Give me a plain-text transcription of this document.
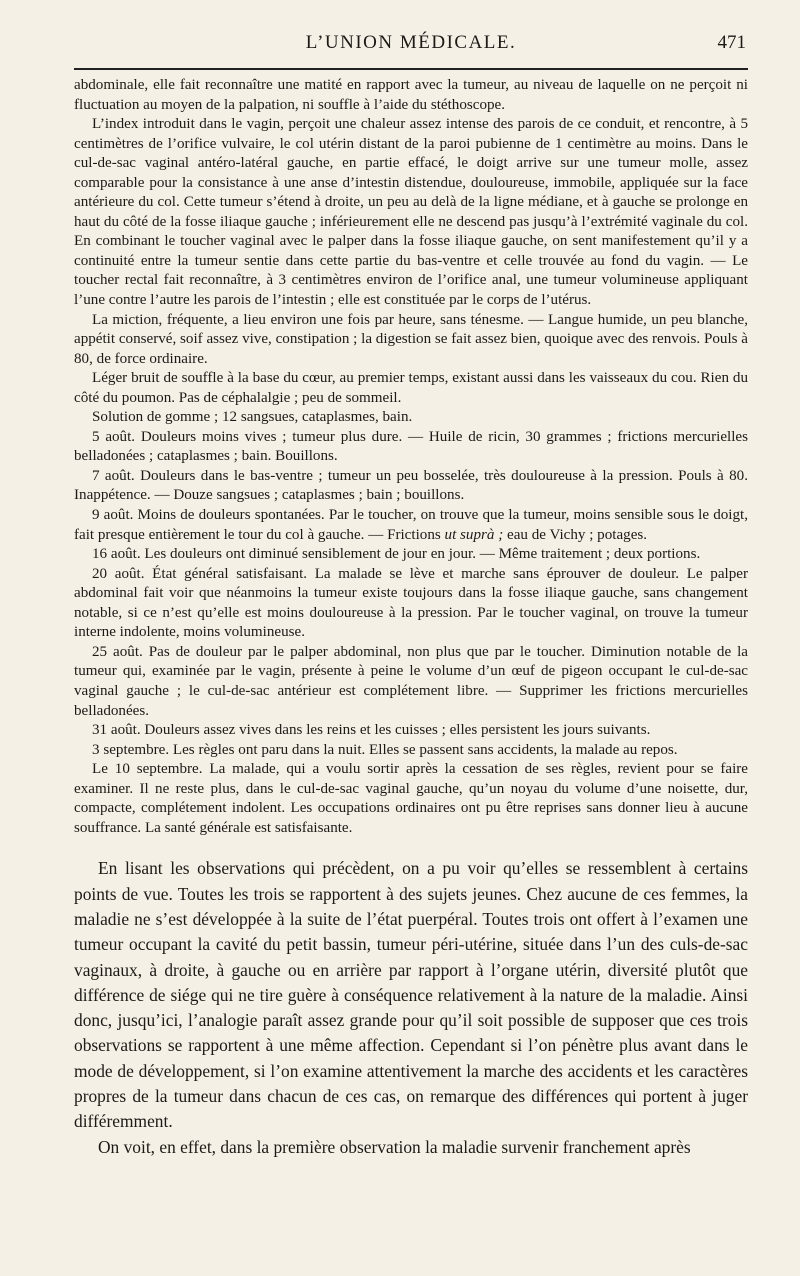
L’UNION MÉDICALE.	471

abdominale, elle fait reconnaître une matité en rapport avec la tumeur, au niveau de laquelle on ne perçoit ni fluctuation au moyen de la palpation, ni souffle à l’aide du stéthoscope.

L’index introduit dans le vagin, perçoit une chaleur assez intense des parois de ce conduit, et rencontre, à 5 centimètres de l’orifice vulvaire, le col utérin distant de la paroi pubienne de 1 centimètre au moins. Dans le cul-de-sac vaginal antéro-latéral gauche, en partie effacé, le doigt arrive sur une tumeur molle, assez comparable pour la consistance à une anse d’intestin distendue, douloureuse, immobile, appliquée sur la face antérieure du col. Cette tumeur s’étend à droite, un peu au delà de la ligne médiane, et à gauche se prolonge en haut du côté de la fosse iliaque gauche ; inférieurement elle ne descend pas jusqu’à l’extrémité vaginale du col. En combinant le toucher vaginal avec le palper dans la fosse iliaque gauche, on sent manifestement qu’il y a continuité entre la tumeur sentie dans cette partie du bas-ventre et celle trouvée au fond du vagin. — Le toucher rectal fait reconnaître, à 3 centimètres environ de l’orifice anal, une tumeur volumineuse appliquant l’une contre l’autre les parois de l’intestin ; elle est constituée par le corps de l’utérus.

La miction, fréquente, a lieu environ une fois par heure, sans ténesme. — Langue humide, un peu blanche, appétit conservé, soif assez vive, constipation ; la digestion se fait assez bien, quoique avec des renvois. Pouls à 80, de force ordinaire.

Léger bruit de souffle à la base du cœur, au premier temps, existant aussi dans les vaisseaux du cou. Rien du côté du poumon. Pas de céphalalgie ; peu de sommeil.

Solution de gomme ; 12 sangsues, cataplasmes, bain.

5 août. Douleurs moins vives ; tumeur plus dure. — Huile de ricin, 30 grammes ; frictions mercurielles belladonées ; cataplasmes ; bain. Bouillons.

7 août. Douleurs dans le bas-ventre ; tumeur un peu bosselée, très douloureuse à la pression. Pouls à 80. Inappétence. — Douze sangsues ; cataplasmes ; bain ; bouillons.

9 août. Moins de douleurs spontanées. Par le toucher, on trouve que la tumeur, moins sensible sous le doigt, fait presque entièrement le tour du col à gauche. — Frictions ut suprà ; eau de Vichy ; potages.

16 août. Les douleurs ont diminué sensiblement de jour en jour. — Même traitement ; deux portions.

20 août. État général satisfaisant. La malade se lève et marche sans éprouver de douleur. Le palper abdominal fait voir que néanmoins la tumeur existe toujours dans la fosse iliaque gauche, sans changement notable, si ce n’est qu’elle est moins douloureuse à la pression. Par le toucher vaginal, on trouve la tumeur interne indolente, moins volumineuse.

25 août. Pas de douleur par le palper abdominal, non plus que par le toucher. Diminution notable de la tumeur qui, examinée par le vagin, présente à peine le volume d’un œuf de pigeon occupant le cul-de-sac vaginal gauche ; le cul-de-sac antérieur est complétement libre. — Supprimer les frictions mercurielles belladonées.

31 août. Douleurs assez vives dans les reins et les cuisses ; elles persistent les jours suivants.

3 septembre. Les règles ont paru dans la nuit. Elles se passent sans accidents, la malade au repos.

Le 10 septembre. La malade, qui a voulu sortir après la cessation de ses règles, revient pour se faire examiner. Il ne reste plus, dans le cul-de-sac vaginal gauche, qu’un noyau du volume d’une noisette, dur, compacte, complétement indolent. Les occupations ordinaires ont pu être reprises sans donner lieu à aucune souffrance. La santé générale est satisfaisante.

En lisant les observations qui précèdent, on a pu voir qu’elles se ressemblent à certains points de vue. Toutes les trois se rapportent à des sujets jeunes. Chez aucune de ces femmes, la maladie ne s’est développée à la suite de l’état puerpéral. Toutes trois ont offert à l’examen une tumeur occupant la cavité du petit bassin, tumeur péri-utérine, située dans l’un des culs-de-sac vaginaux, à droite, à gauche ou en arrière par rapport à l’organe utérin, diversité plutôt que différence de siége qui ne tire guère à conséquence relativement à la nature de la maladie. Ainsi donc, jusqu’ici, l’analogie paraît assez grande pour qu’il soit possible de supposer que ces trois observations se rapportent à une même affection. Cependant si l’on pénètre plus avant dans le mode de développement, si l’on examine attentivement la marche des accidents et les caractères propres de la tumeur dans chacun de ces cas, on remarque des différences qui portent à juger différemment.

On voit, en effet, dans la première observation la maladie survenir franchement après
